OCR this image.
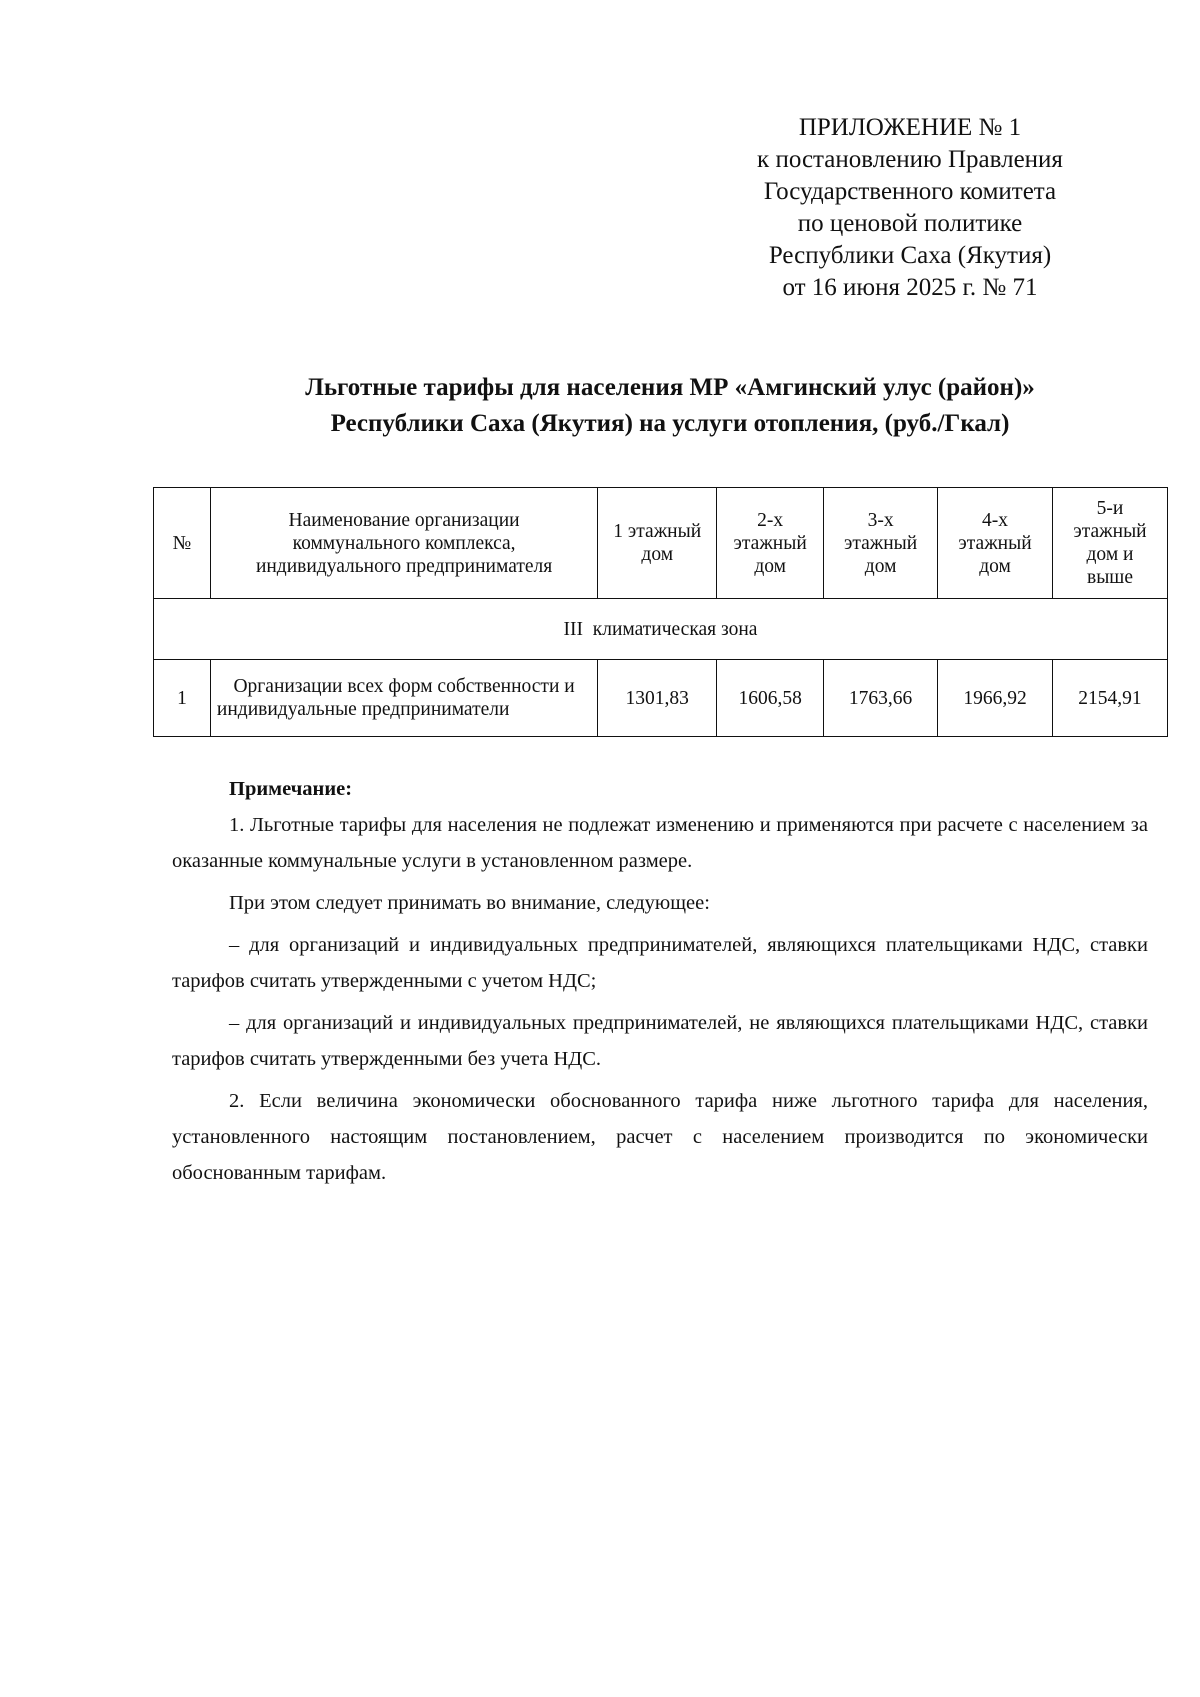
ПРИЛОЖЕНИЕ № 1
к постановлению Правления
Государственного комитета
по ценовой политике
Республики Саха (Якутия)
от 16 июня 2025 г. № 71
Льготные тарифы для населения МР «Амгинский улус (район)»
Республики Саха (Якутия) на услуги отопления, (руб./Гкал)
№	Наименование организации коммунального комплекса, индивидуального предпринимателя	1 этажный дом	2-х этажный дом	3-х этажный дом	4-х этажный дом	5-и этажный дом и выше
III  климатическая зона						
1	Организации всех форм собственности и индивидуальные предприниматели	1301,83	1606,58	1763,66	1966,92	2154,91
Примечание:

1. Льготные тарифы для населения не подлежат изменению и применяются при расчете с населением за оказанные коммунальные услуги в установленном размере.

При этом следует принимать во внимание, следующее:

– для организаций и индивидуальных предпринимателей, являющихся плательщиками НДС, ставки тарифов считать утвержденными с учетом НДС;

– для организаций и индивидуальных предпринимателей, не являющихся плательщиками НДС, ставки тарифов считать утвержденными без учета НДС.

2. Если величина экономически обоснованного тарифа ниже льготного тарифа для населения, установленного настоящим постановлением, расчет с населением производится по экономически обоснованным тарифам.
